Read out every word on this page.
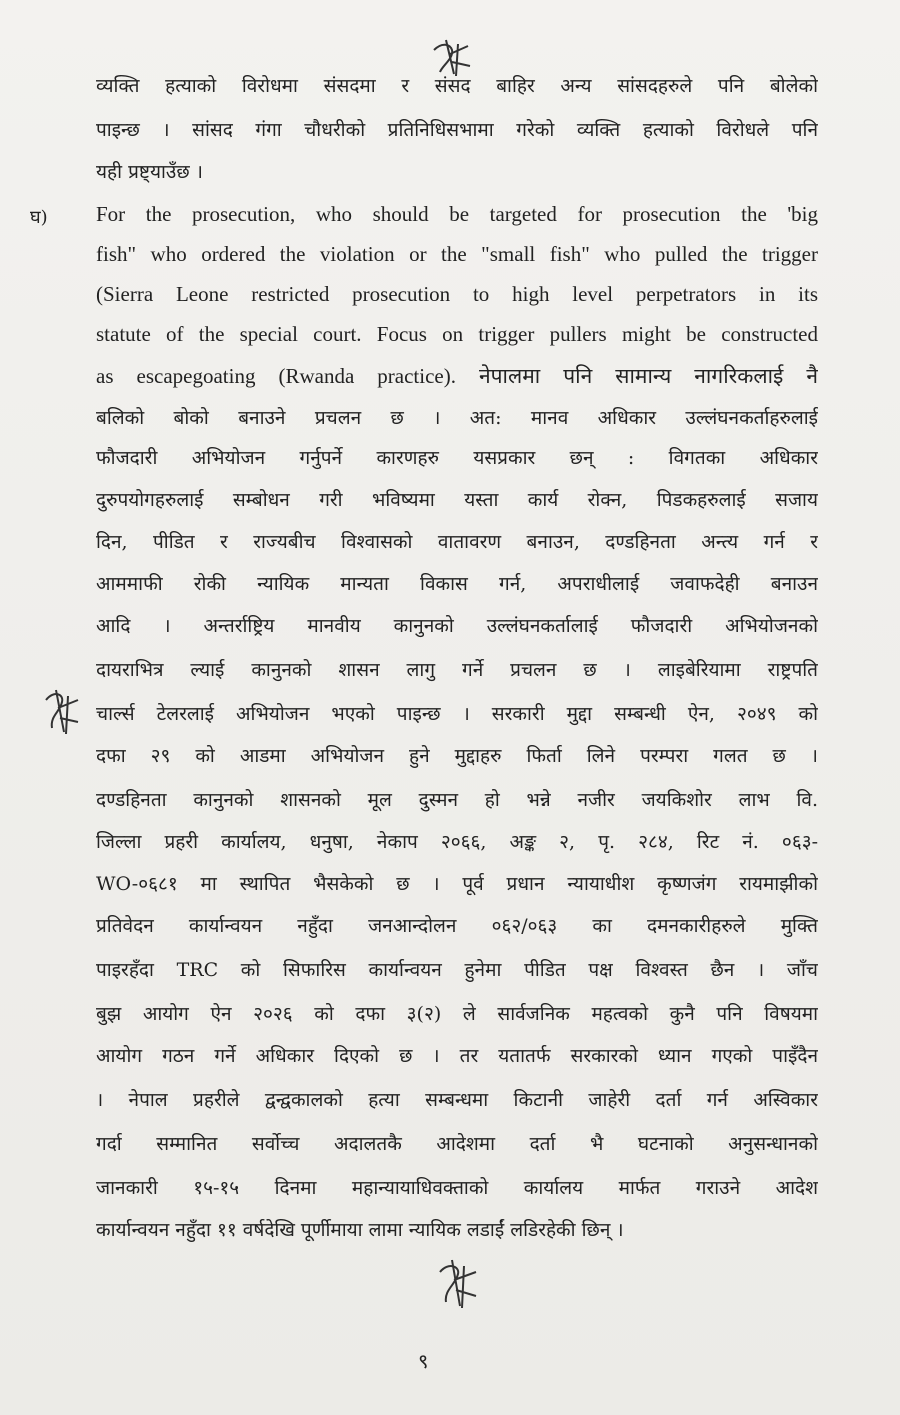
घ)
व्यक्ति हत्याको विरोधमा संसदमा र संसद बाहिर अन्य सांसदहरुले पनि बोलेको
पाइन्छ । सांसद गंगा चौधरीको प्रतिनिधिसभामा गरेको व्यक्ति हत्याको विरोधले पनि
यही प्रष्ट्याउँछ ।
For the prosecution, who should be targeted for prosecution the 'big
fish" who ordered the violation or the "small fish" who pulled the trigger
(Sierra Leone restricted prosecution to high level perpetrators in its
statute of the special court. Focus on trigger pullers might be constructed
as escapegoating (Rwanda practice). नेपालमा पनि सामान्य नागरिकलाई नै
बलिको बोको बनाउने प्रचलन छ । अत: मानव अधिकार उल्लंघनकर्ताहरुलाई
फौजदारी अभियोजन गर्नुपर्ने कारणहरु यसप्रकार छन् : विगतका अधिकार
दुरुपयोगहरुलाई सम्बोधन गरी भविष्यमा यस्ता कार्य रोक्न, पिडकहरुलाई सजाय
दिन, पीडित र राज्यबीच विश्वासको वातावरण बनाउन, दण्डहिनता अन्त्य गर्न र
आममाफी रोकी न्यायिक मान्यता विकास गर्न, अपराधीलाई जवाफदेही बनाउन
आदि । अन्तर्राष्ट्रिय मानवीय कानुनको उल्लंघनकर्तालाई फौजदारी अभियोजनको
दायराभित्र ल्याई कानुनको शासन लागु गर्ने प्रचलन छ । लाइबेरियामा राष्ट्रपति
चार्ल्स टेलरलाई अभियोजन भएको पाइन्छ । सरकारी मुद्दा सम्बन्धी ऐन, २०४९ को
दफा २९ को आडमा अभियोजन हुने मुद्दाहरु फिर्ता लिने परम्परा गलत छ ।
दण्डहिनता कानुनको शासनको मूल दुस्मन हो भन्ने नजीर जयकिशोर लाभ वि.
जिल्ला प्रहरी कार्यालय, धनुषा, नेकाप २०६६, अङ्क २, पृ. २८४, रिट नं. ०६३-
WO-०६८१ मा स्थापित भैसकेको छ । पूर्व प्रधान न्यायाधीश कृष्णजंग रायमाझीको
प्रतिवेदन कार्यान्वयन नहुँदा जनआन्दोलन ०६२/०६३ का दमनकारीहरुले मुक्ति
पाइरहँदा TRC को सिफारिस कार्यान्वयन हुनेमा पीडित पक्ष विश्वस्त छैन । जाँच
बुझ आयोग ऐन २०२६ को दफा ३(२) ले सार्वजनिक महत्वको कुनै पनि विषयमा
आयोग गठन गर्ने अधिकार दिएको छ । तर यतातर्फ सरकारको ध्यान गएको पाइँदैन
। नेपाल प्रहरीले द्वन्द्वकालको हत्या सम्बन्धमा किटानी जाहेरी दर्ता गर्न अस्विकार
गर्दा सम्मानित सर्वोच्च अदालतकै आदेशमा दर्ता भै घटनाको अनुसन्धानको
जानकारी १५-१५ दिनमा महान्यायाधिवक्ताको कार्यालय मार्फत गराउने आदेश
कार्यान्वयन नहुँदा ११ वर्षदेखि पूर्णीमाया लामा न्यायिक लडाईं लडिरहेकी छिन् ।
९
